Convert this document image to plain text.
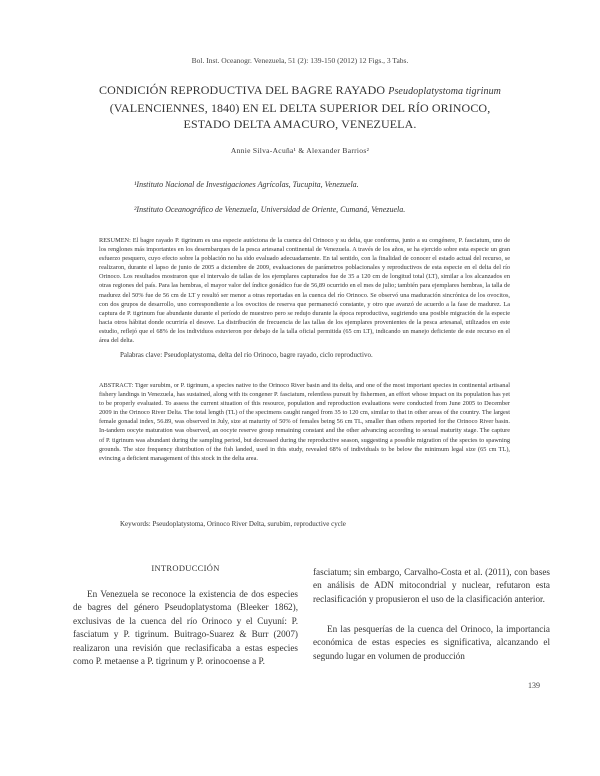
Bol. Inst. Oceanogr. Venezuela, 51 (2): 139-150 (2012) 12 Figs., 3 Tabs.
CONDICIÓN REPRODUCTIVA DEL BAGRE RAYADO Pseudoplatystoma tigrinum
(VALENCIENNES, 1840) EN EL DELTA SUPERIOR DEL RÍO ORINOCO,
ESTADO DELTA AMACURO, VENEZUELA.
Annie Silva-Acuña¹ & Alexander Barrios²
¹Instituto Nacional de Investigaciones Agrícolas, Tucupita, Venezuela.
²Instituto Oceanográfico de Venezuela, Universidad de Oriente, Cumaná, Venezuela.
RESUMEN: El bagre rayado P. tigrinum es una especie autóctona de la cuenca del Orinoco y su delta, que conforma, junto a su congénere, P. fasciatum, uno de los renglones más importantes en los desembarques de la pesca artesanal continental de Venezuela. A través de los años, se ha ejercido sobre esta especie un gran esfuerzo pesquero, cuyo efecto sobre la población no ha sido evaluado adecuadamente. En tal sentido, con la finalidad de conocer el estado actual del recurso, se realizaron, durante el lapso de junio de 2005 a diciembre de 2009, evaluaciones de parámetros poblacionales y reproductivos de esta especie en el delta del río Orinoco. Los resultados mostraron que el intervalo de tallas de los ejemplares capturados fue de 35 a 120 cm de longitud total (LT), similar a los alcanzados en otras regiones del país. Para las hembras, el mayor valor del índice gonádico fue de 56,89 ocurrido en el mes de julio; también para ejemplares hembras, la talla de madurez del 50% fue de 56 cm de LT y resultó ser menor a otras reportadas en la cuenca del río Orinoco. Se observó una maduración sincrónica de los ovocitos, con dos grupos de desarrollo, uno correspondiente a los ovocitos de reserva que permaneció constante, y otro que avanzó de acuerdo a la fase de madurez. La captura de P. tigrinum fue abundante durante el período de muestreo pero se redujo durante la época reproductiva, sugiriendo una posible migración de la especie hacia otros hábitat donde ocurriría el desove. La distribución de frecuencia de las tallas de los ejemplares provenientes de la pesca artesanal, utilizados en este estudio, reflejó que el 68% de los individuos estuvieron por debajo de la talla oficial permitida (65 cm LT), indicando un manejo deficiente de este recurso en el área del delta.
Palabras clave: Pseudoplatystoma, delta del río Orinoco, bagre rayado, ciclo reproductivo.
ABSTRACT: Tiger surubim, or P. tigrinum, a species native to the Orinoco River basin and its delta, and one of the most important species in continental artisanal fishery landings in Venezuela, has sustained, along with its congener P. fasciatum, relentless pursuit by fishermen, an effort whose impact on its population has yet to be properly evaluated. To assess the current situation of this resource, population and reproduction evaluations were conducted from June 2005 to December 2009 in the Orinoco River Delta. The total length (TL) of the specimens caught ranged from 35 to 120 cm, similar to that in other areas of the country. The largest female gonadal index, 56.89, was observed in July, size at maturity of 50% of females being 56 cm TL, smaller than others reported for the Orinoco River basin. In-tandem oocyte maturation was observed, an oocyte reserve group remaining constant and the other advancing according to sexual maturity stage. The capture of P. tigrinum was abundant during the sampling period, but decreased during the reproductive season, suggesting a possible migration of the species to spawning grounds. The size frequency distribution of the fish landed, used in this study, revealed 68% of individuals to be below the minimum legal size (65 cm TL), evincing a deficient management of this stock in the delta area.
Keywords: Pseudoplatystoma, Orinoco River Delta, surubim, reproductive cycle
INTRODUCCIÓN
En Venezuela se reconoce la existencia de dos especies de bagres del género Pseudoplatystoma (Bleeker 1862), exclusivas de la cuenca del río Orinoco y el Cuyuní: P. fasciatum y P. tigrinum. Buitrago-Suarez & Burr (2007) realizaron una revisión que reclasificaba a estas especies como P. metaense a P. tigrinum y P. orinocoense a P.
fasciatum; sin embargo, Carvalho-Costa et al. (2011), con bases en análisis de ADN mitocondrial y nuclear, refutaron esta reclasificación y propusieron el uso de la clasificación anterior.
En las pesquerías de la cuenca del Orinoco, la importancia económica de estas especies es significativa, alcanzando el segundo lugar en volumen de producción
139
